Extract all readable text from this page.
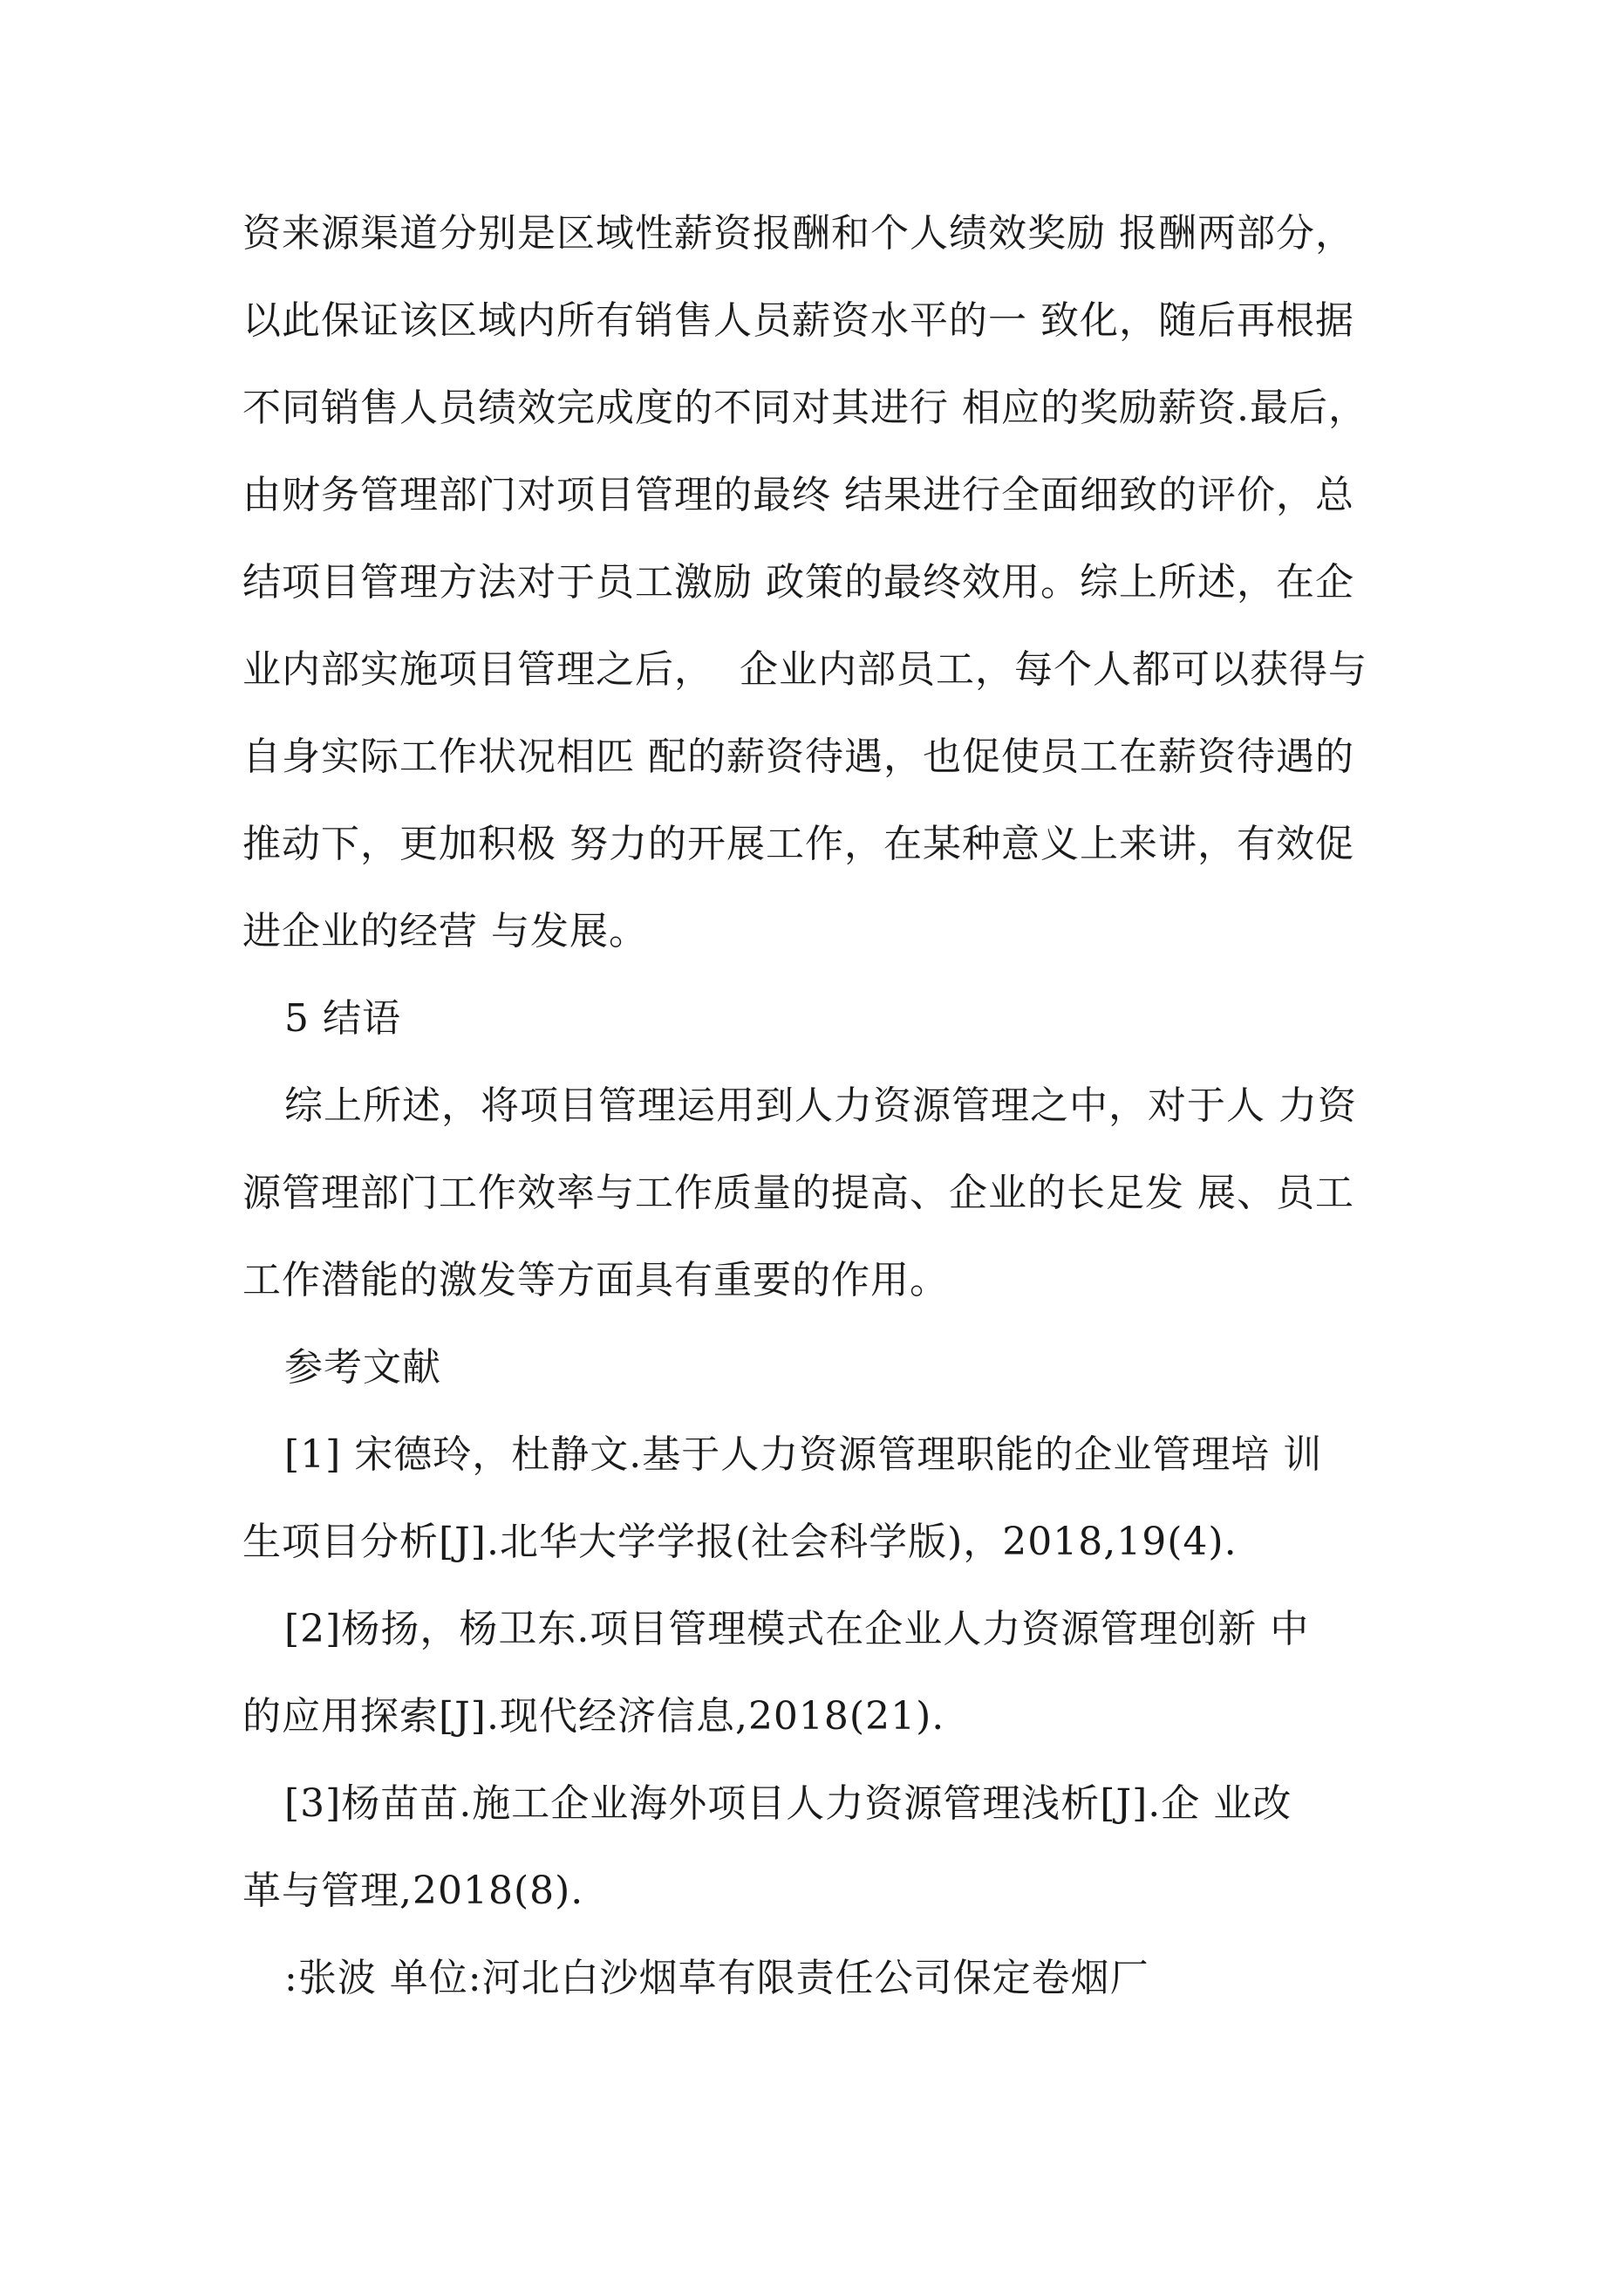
资来源渠道分别是区域性薪资报酬和个人绩效奖励 报酬两部分，
以此保证该区域内所有销售人员薪资水平的一 致化，随后再根据
不同销售人员绩效完成度的不同对其进行 相应的奖励薪资.最后，
由财务管理部门对项目管理的最终 结果进行全面细致的评价，总
结项目管理方法对于员工激励 政策的最终效用。综上所述，在企
业内部实施项目管理之后，  企业内部员工，每个人都可以获得与
自身实际工作状况相匹 配的薪资待遇，也促使员工在薪资待遇的
推动下，更加积极 努力的开展工作，在某种意义上来讲，有效促
进企业的经营 与发展。
5 结语
综上所述，将项目管理运用到人力资源管理之中，对于人 力资
源管理部门工作效率与工作质量的提高、企业的长足发 展、员工
工作潜能的激发等方面具有重要的作用。
参考文献
[1] 宋德玲，杜静文.基于人力资源管理职能的企业管理培 训
生项目分析[J].北华大学学报(社会科学版)，2018,19(4).
[2]杨扬，杨卫东.项目管理模式在企业人力资源管理创新 中
的应用探索[J].现代经济信息,2018(21).
[3]杨苗苗.施工企业海外项目人力资源管理浅析[J].企 业改
革与管理,2018(8).
:张波 单位:河北白沙烟草有限责任公司保定卷烟厂
